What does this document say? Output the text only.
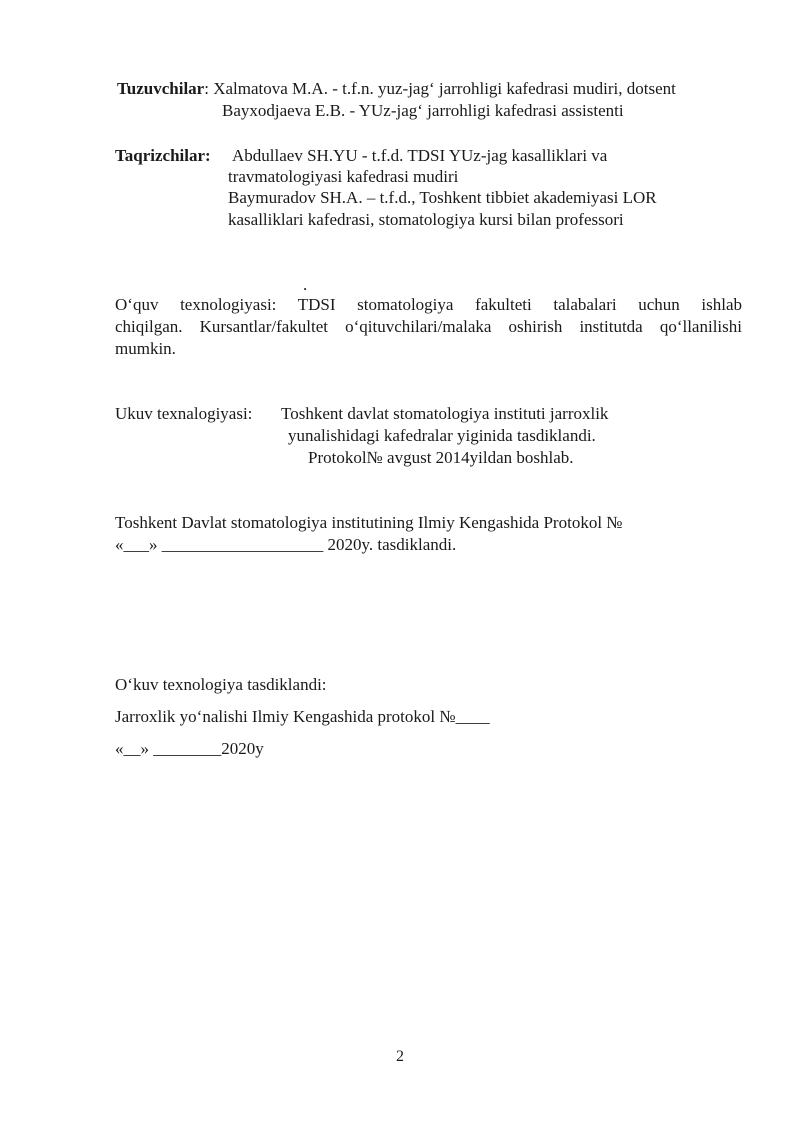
Tuzuvchilar: Xalmatova M.A. - t.f.n. yuz-jag‘ jarrohligi kafedrasi mudiri, dotsent
Bayxodjaeva E.B. - YUz-jag‘ jarrohligi kafedrasi assistenti
Taqrizchilar: Abdullaev SH.YU - t.f.d. TDSI YUz-jag kasalliklari va
travmatologiyasi kafedrasi mudiri
Baymuradov SH.A. – t.f.d., Toshkent tibbiet akademiyasi LOR
kasalliklari kafedrasi, stomatologiya kursi bilan professori
.
O‘quv texnologiyasi: TDSI stomatologiya fakulteti talabalari uchun ishlab
chiqilgan. Kursantlar/fakultet o‘qituvchilari/malaka oshirish institutda qo‘llanilishi
mumkin.
Ukuv texnalogiyasi: Toshkent davlat stomatologiya instituti jarroxlik
yunalishidagi kafedralar yiginida tasdiklandi.
Protokol№ avgust 2014yildan boshlab.
Toshkent Davlat stomatologiya institutining Ilmiy Kengashida Protokol №
«___» ___________________ 2020y. tasdiklandi.
O‘kuv texnologiya tasdiklandi:
Jarroxlik yo‘nalishi Ilmiy Kengashida protokol №____
«__» ________2020y
2
